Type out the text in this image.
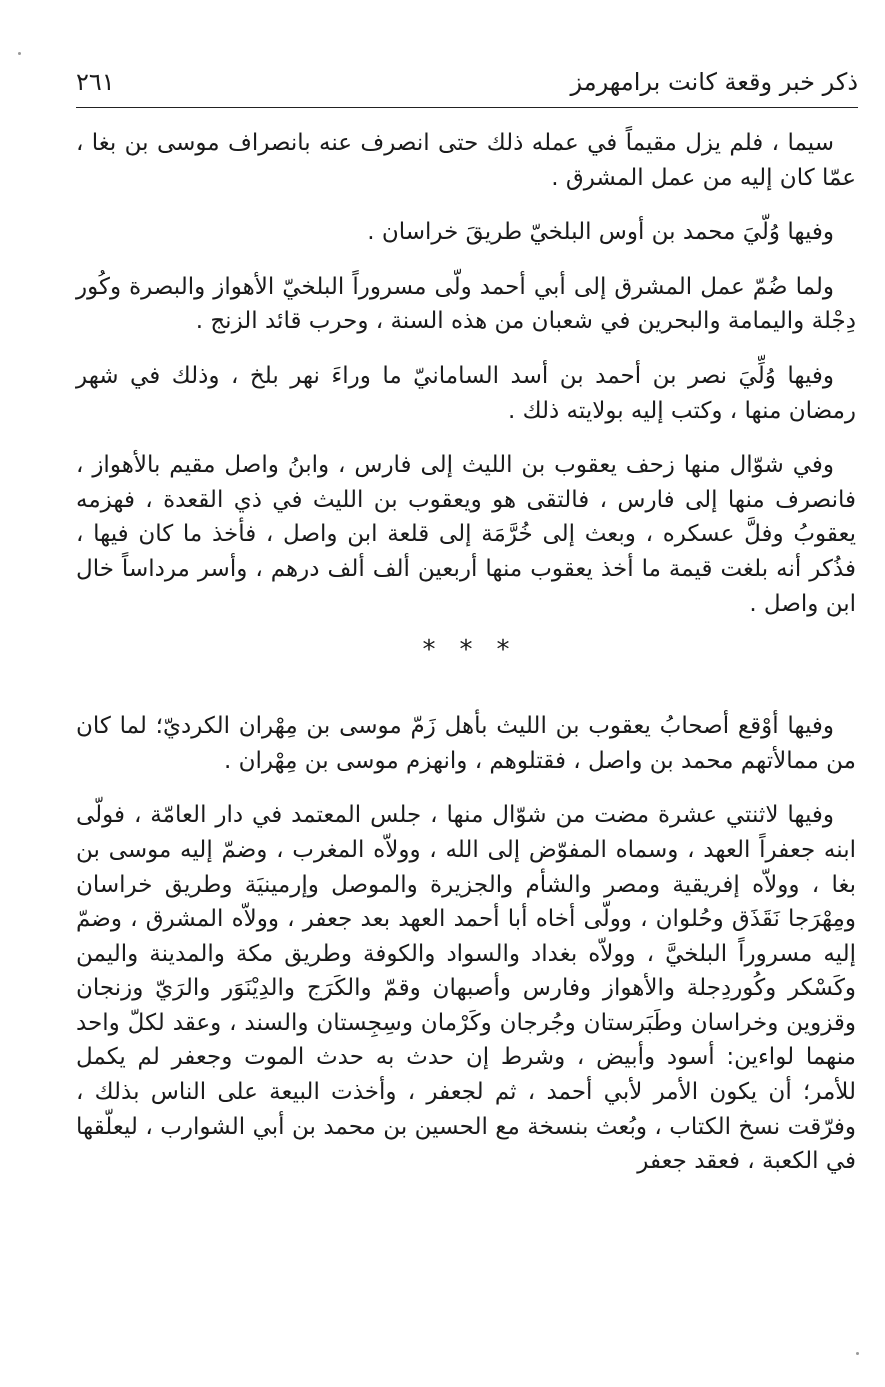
ذكر خبر وقعة كانت برامهرمز
٢٦١

سيما ، فلم يزل مقيماً في عمله ذلك حتى انصرف عنه بانصراف موسى بن بغا ، عمّا كان إليه من عمل المشرق .

وفيها وُلّيَ محمد بن أوس البلخيّ طريقَ خراسان .

ولما ضُمّ عمل المشرق إلى أبي أحمد ولّى مسروراً البلخيّ الأهواز والبصرة وكُور دِجْلة واليمامة والبحرين في شعبان من هذه السنة ، وحرب قائد الزنج .

وفيها وُلِّيَ نصر بن أحمد بن أسد السامانيّ ما وراءَ نهر بلخ ، وذلك في شهر رمضان منها ، وكتب إليه بولايته ذلك .

وفي شوّال منها زحف يعقوب بن الليث إلى فارس ، وابنُ واصل مقيم بالأهواز ، فانصرف منها إلى فارس ، فالتقى هو ويعقوب بن الليث في ذي القعدة ، فهزمه يعقوبُ وفلَّ عسكره ، وبعث إلى خُرَّمَة إلى قلعة ابن واصل ، فأخذ ما كان فيها ، فذُكر أنه بلغت قيمة ما أخذ يعقوب منها أربعين ألف ألف درهم ، وأسر مرداساً خال ابن واصل .

***

وفيها أوْقع أصحابُ يعقوب بن الليث بأهل زَمّ موسى بن مِهْران الكرديّ؛ لما كان من ممالأتهم محمد بن واصل ، فقتلوهم ، وانهزم موسى بن مِهْران .

وفيها لاثنتي عشرة مضت من شوّال منها ، جلس المعتمد في دار العامّة ، فولّى ابنه جعفراً العهد ، وسماه المفوّض إلى الله ، وولاّه المغرب ، وضمّ إليه موسى بن بغا ، وولاّه إفريقية ومصر والشأم والجزيرة والموصل وإرمينيَة وطريق خراسان ومِهْرَجا نَقَذَق وحُلوان ، وولّى أخاه أبا أحمد العهد بعد جعفر ، وولاّه المشرق ، وضمّ إليه مسروراً البلخيَّ ، وولاّه بغداد والسواد والكوفة وطريق مكة والمدينة واليمن وكَسْكر وكُوردِجلة والأهواز وفارس وأصبهان وقمّ والكَرَج والدِيْنَوَر والرَيّ وزنجان وقزوين وخراسان وطَبَرستان وجُرجان وكَرْمان وسِجِستان والسند ، وعقد لكلّ واحد منهما لواءين: أسود وأبيض ، وشرط إن حدث به حدث الموت وجعفر لم يكمل للأمر؛ أن يكون الأمر لأبي أحمد ، ثم لجعفر ، وأخذت البيعة على الناس بذلك ، وفرّقت نسخ الكتاب ، وبُعث بنسخة مع الحسين بن محمد بن أبي الشوارب ، ليعلّقها في الكعبة ، فعقد جعفر
